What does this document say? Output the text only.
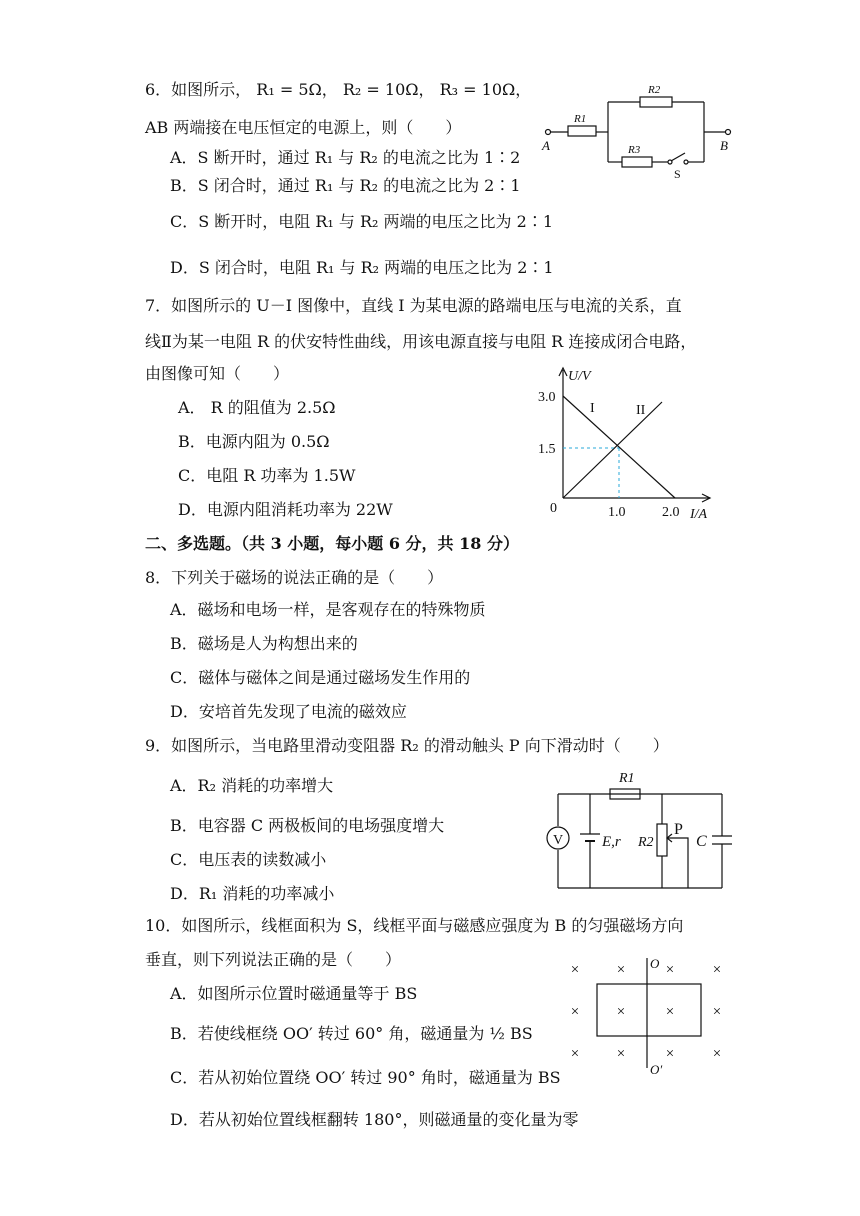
6．如图所示， R₁ = 5Ω， R₂ = 10Ω， R₃ = 10Ω，
AB 两端接在电压恒定的电源上，则（　　）
A．S 断开时，通过 R₁ 与 R₂ 的电流之比为 1∶2
B．S 闭合时，通过 R₁ 与 R₂ 的电流之比为 2∶1
C．S 断开时，电阻 R₁ 与 R₂ 两端的电压之比为 2∶1
D．S 闭合时，电阻 R₁ 与 R₂ 两端的电压之比为 2∶1
R1
R2
R3
A	B
S
7．如图所示的 U－I 图像中，直线 I 为某电源的路端电压与电流的关系，直
线Ⅱ为某一电阻 R 的伏安特性曲线，用该电源直接与电阻 R 连接成闭合电路，
由图像可知（　　）
A． R 的阻值为 2.5Ω
B．电源内阻为 0.5Ω
C．电阻 R 功率为 1.5W
D．电源内阻消耗功率为 22W
U/V
I/A
3.0
1.5
0	1.0	2.0
I	II
二、多选题。（共 3 小题，每小题 6 分，共 18 分）
8．下列关于磁场的说法正确的是（　　）
A．磁场和电场一样，是客观存在的特殊物质
B．磁场是人为构想出来的
C．磁体与磁体之间是通过磁场发生作用的
D．安培首先发现了电流的磁效应
9．如图所示，当电路里滑动变阻器 R₂ 的滑动触头 P 向下滑动时（　　）
A．R₂ 消耗的功率增大
B．电容器 C 两极板间的电场强度增大
C．电压表的读数减小
D．R₁ 消耗的功率减小
V
R1
R2
P
C
E,r
10．如图所示，线框面积为 S，线框平面与磁感应强度为 B 的匀强磁场方向
垂直，则下列说法正确的是（　　）
A．如图所示位置时磁通量等于 BS
B．若使线框绕 OO′ 转过 60° 角，磁通量为 ½ BS
C．若从初始位置绕 OO′ 转过 90° 角时，磁通量为 BS
D．若从初始位置线框翻转 180°，则磁通量的变化量为零
×	×	×	×
×	×	×	×
×	×	×	×
O
O′
